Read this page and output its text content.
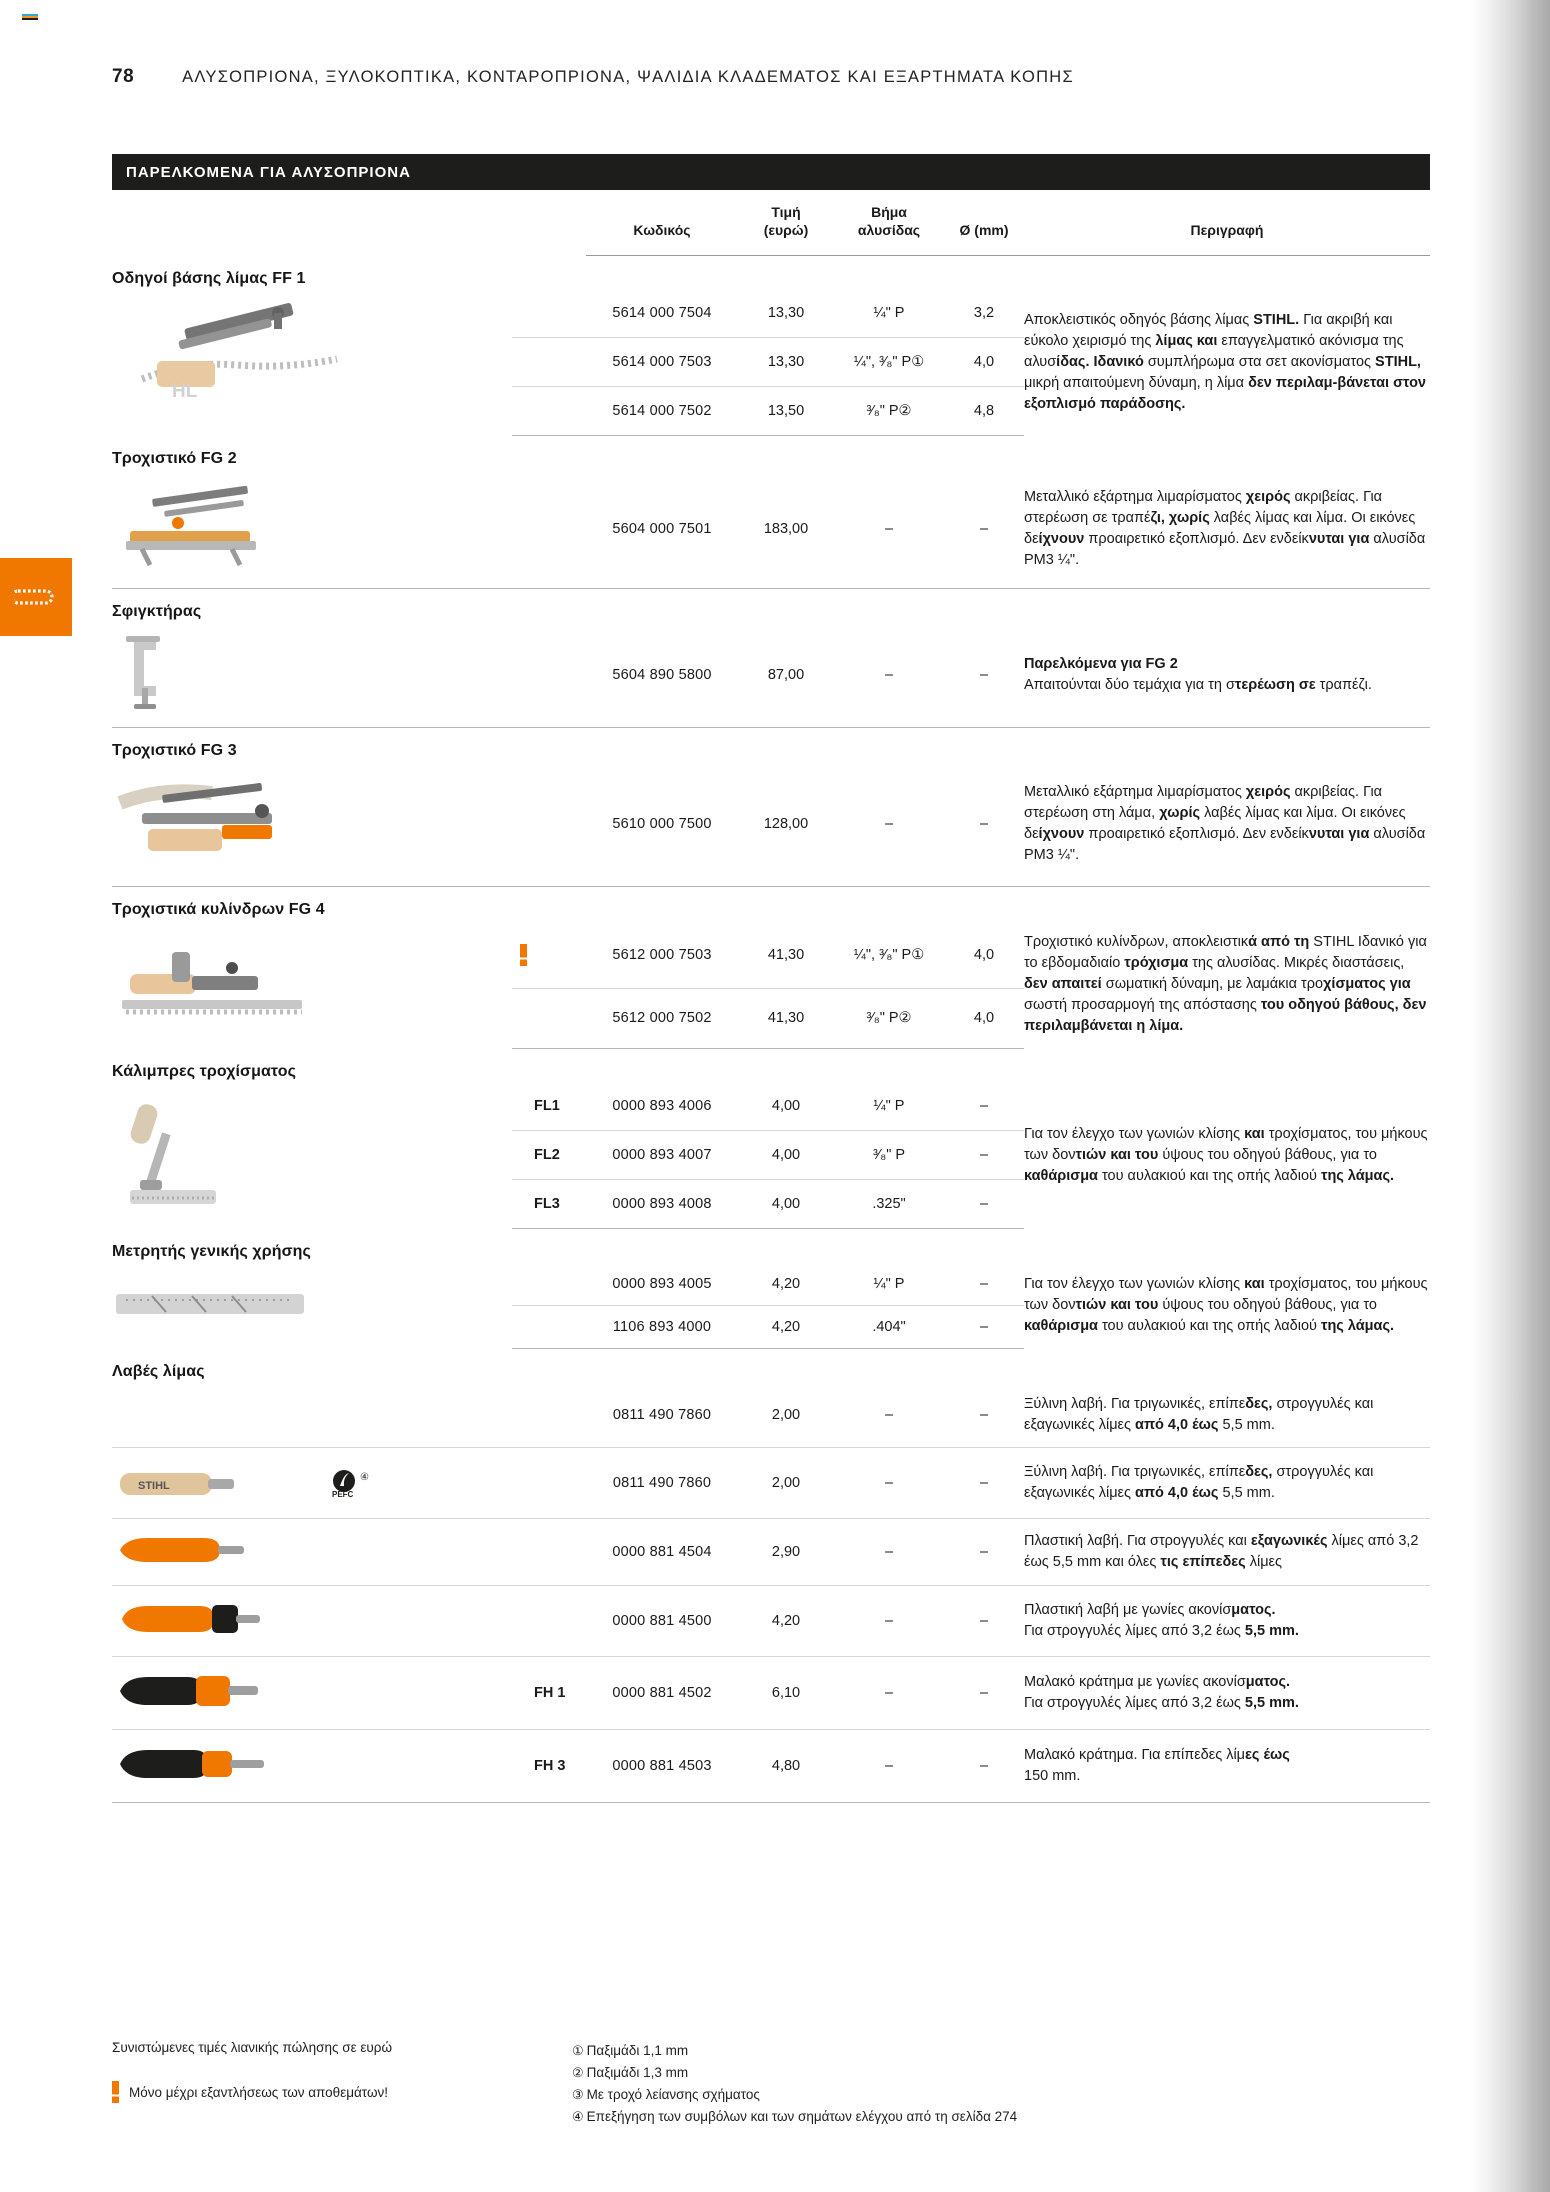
78	ΑΛΥΣΟΠΡΙΟΝΑ, ΞΥΛΟΚΟΠΤΙΚΑ, ΚΟΝΤΑΡΟΠΡΙΟΝΑ, ΨΑΛΙΔΙΑ ΚΛΑΔΕΜΑΤΟΣ ΚΑΙ ΕΞΑΡΤΗΜΑΤΑ ΚΟΠΗΣ
ΠΑΡΕΛΚΟΜΕΝΑ ΓΙΑ ΑΛΥΣΟΠΡΙΟΝΑ
			Κωδικός	Τιμή
(ευρώ)	Βήμα
αλυσίδας	Ø (mm)	Περιγραφή
Οδηγοί βάσης λίμας FF 1							

HL			5614 000 7504	13,30	¼" P	3,2	Αποκλειστικός οδηγός βάσης λίμας STIHL. Για ακριβή και εύκολο χειρισμό της λίμας και επαγγελματικό ακόνισμα της αλυσίδας. Ιδανικό συμπλήρωμα στα σετ ακονίσματος STIHL, μικρή απαιτούμενη δύναμη, η λίμα δεν περιλαμ-βάνεται στον εξοπλισμό παράδοσης.
			5614 000 7503	13,30	¼", ³⁄₈" P①	4,0	
			5614 000 7502	13,50	³⁄₈" P②	4,8	
Τροχιστικό FG 2							

			5604 000 7501	183,00	–	–	Μεταλλικό εξάρτημα λιμαρίσματος χειρός ακριβείας. Για στερέωση σε τραπέζι, χωρίς λαβές λίμας και λίμα. Οι εικόνες δείχνουν προαιρετικό εξοπλισμό. Δεν ενδείκνυται για αλυσίδα PM3 ¼".
Σφιγκτήρας							

			5604 890 5800	87,00	–	–	Παρελκόμενα για FG 2
Απαιτούνται δύο τεμάχια για τη στερέωση σε τραπέζι.
Τροχιστικό FG 3							

			5610 000 7500	128,00	–	–	Μεταλλικό εξάρτημα λιμαρίσματος χειρός ακριβείας. Για στερέωση στη λάμα, χωρίς λαβές λίμας και λίμα. Οι εικόνες δείχνουν προαιρετικό εξοπλισμό. Δεν ενδείκνυται για αλυσίδα PM3 ¼".
Τροχιστικά κυλίνδρων FG 4							

			5612 000 7503	41,30	¼", ³⁄₈" P①	4,0	Τροχιστικό κυλίνδρων, αποκλειστικά από τη STIHL Ιδανικό για το εβδομαδιαίο τρόχισμα της αλυσίδας. Μικρές διαστάσεις, δεν απαιτεί σωματική δύναμη, με λαμάκια τροχίσματος για σωστή προσαρμογή της απόστασης του οδηγού βάθους, δεν περιλαμβάνεται η λίμα.
			5612 000 7502	41,30	³⁄₈" P②	4,0	
Κάλιμπρες τροχίσματος							

		FL1	0000 893 4006	4,00	¼" P	–	Για τον έλεγχο των γωνιών κλίσης και τροχίσματος, του μήκους των δοντιών και του ύψους του οδηγού βάθους, για το καθάρισμα του αυλακιού και της οπής λαδιού της λάμας.
		FL2	0000 893 4007	4,00	³⁄₈" P	–	
		FL3	0000 893 4008	4,00	.325"	–	
Μετρητής γενικής χρήσης							

			0000 893 4005	4,20	¼" P	–	Για τον έλεγχο των γωνιών κλίσης και τροχίσματος, του μήκους των δοντιών και του ύψους του οδηγού βάθους, για το καθάρισμα του αυλακιού και της οπής λαδιού της λάμας.
			1106 893 4000	4,20	.404"	–	
Λαβές λίμας							

			0811 490 7860	2,00	–	–	Ξύλινη λαβή. Για τριγωνικές, επίπεδες, στρογγυλές και εξαγωνικές λίμες από 4,0 έως 5,5 mm.

STIHL
PEFC
④			0811 490 7860	2,00	–	–	Ξύλινη λαβή. Για τριγωνικές, επίπεδες, στρογγυλές και εξαγωνικές λίμες από 4,0 έως 5,5 mm.

			0000 881 4504	2,90	–	–	Πλαστική λαβή. Για στρογγυλές και εξαγωνικές λίμες από 3,2 έως 5,5 mm και όλες τις επίπεδες λίμες

			0000 881 4500	4,20	–	–	Πλαστική λαβή με γωνίες ακονίσματος.
Για στρογγυλές λίμες από 3,2 έως 5,5 mm.

		FH 1	0000 881 4502	6,10	–	–	Μαλακό κράτημα με γωνίες ακονίσματος.
Για στρογγυλές λίμες από 3,2 έως 5,5 mm.

		FH 3	0000 881 4503	4,80	–	–	Μαλακό κράτημα. Για επίπεδες λίμες έως
150 mm.
Συνιστώμενες τιμές λιανικής πώλησης σε ευρώ
Μόνο μέχρι εξαντλήσεως των αποθεμάτων!
① Παξιμάδι 1,1 mm
② Παξιμάδι 1,3 mm
③ Με τροχό λείανσης σχήματος
④ Επεξήγηση των συμβόλων και των σημάτων ελέγχου από τη σελίδα 274
